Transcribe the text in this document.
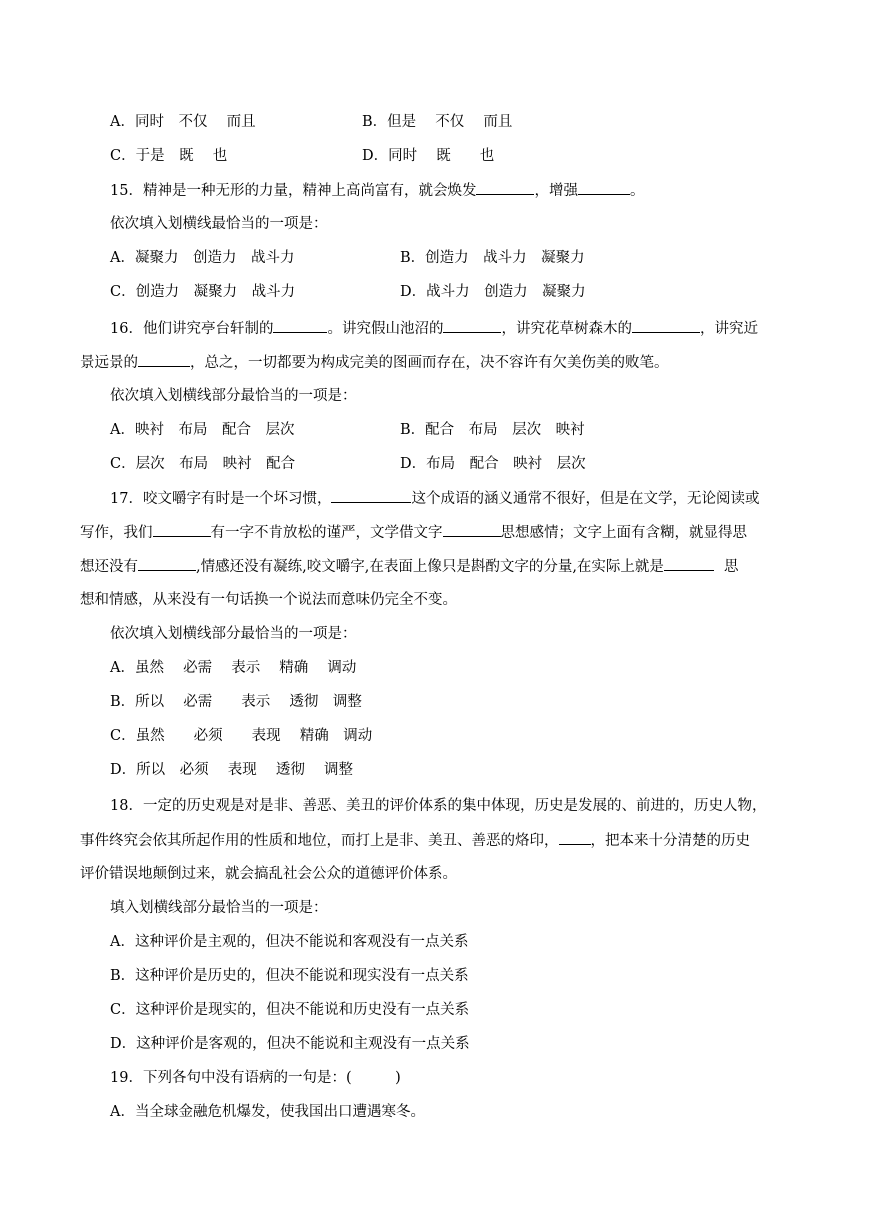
A．同时　不仅　 而且	B．但是　 不仅　 而且
C．于是　既　 也	D．同时　 既　　也
15．精神是一种无形的力量，精神上高尚富有，就会焕发	，增强	。
依次填入划横线最恰当的一项是：
A．凝聚力　创造力　战斗力	B．创造力　战斗力　凝聚力
C．创造力　凝聚力　战斗力	D．战斗力　创造力　凝聚力
16．他们讲究亭台轩制的	。讲究假山池沼的	，讲究花草树森木的	，讲究近
景远景的	，总之，一切都要为构成完美的图画而存在，决不容许有欠美伤美的败笔。
依次填入划横线部分最恰当的一项是：
A．映衬　布局　配合　层次	B．配合　布局　层次　映衬
C．层次　布局　映衬　配合	D．布局　配合　映衬　层次
17．咬文嚼字有时是一个坏习惯，	这个成语的涵义通常不很好，但是在文学，无论阅读或
写作，我们	有一字不肯放松的谨严，文学借文字	思想感情；文字上面有含糊，就显得思
想还没有	,情感还没有凝练,咬文嚼字,在表面上像只是斟酌文字的分量,在实际上就是	思
想和情感，从来没有一句话换一个说法而意味仍完全不变。
依次填入划横线部分最恰当的一项是：
A．虽然　 必需　 表示　 精确　 调动
B．所以　 必需　　表示　 透彻　调整
C．虽然　　必须　　表现　 精确　调动
D．所以　必须　 表现　 透彻　 调整
18．一定的历史观是对是非、善恶、美丑的评价体系的集中体现，历史是发展的、前进的，历史人物，
事件终究会依其所起作用的性质和地位，而打上是非、美丑、善恶的烙印， ，把本来十分清楚的历史
评价错误地颠倒过来，就会搞乱社会公众的道德评价体系。
填入划横线部分最恰当的一项是：
A．这种评价是主观的，但决不能说和客观没有一点关系
B．这种评价是历史的，但决不能说和现实没有一点关系
C．这种评价是现实的，但决不能说和历史没有一点关系
D．这种评价是客观的，但决不能说和主观没有一点关系
19．下列各句中没有语病的一句是：(　　　)
A．当全球金融危机爆发，使我国出口遭遇寒冬。
